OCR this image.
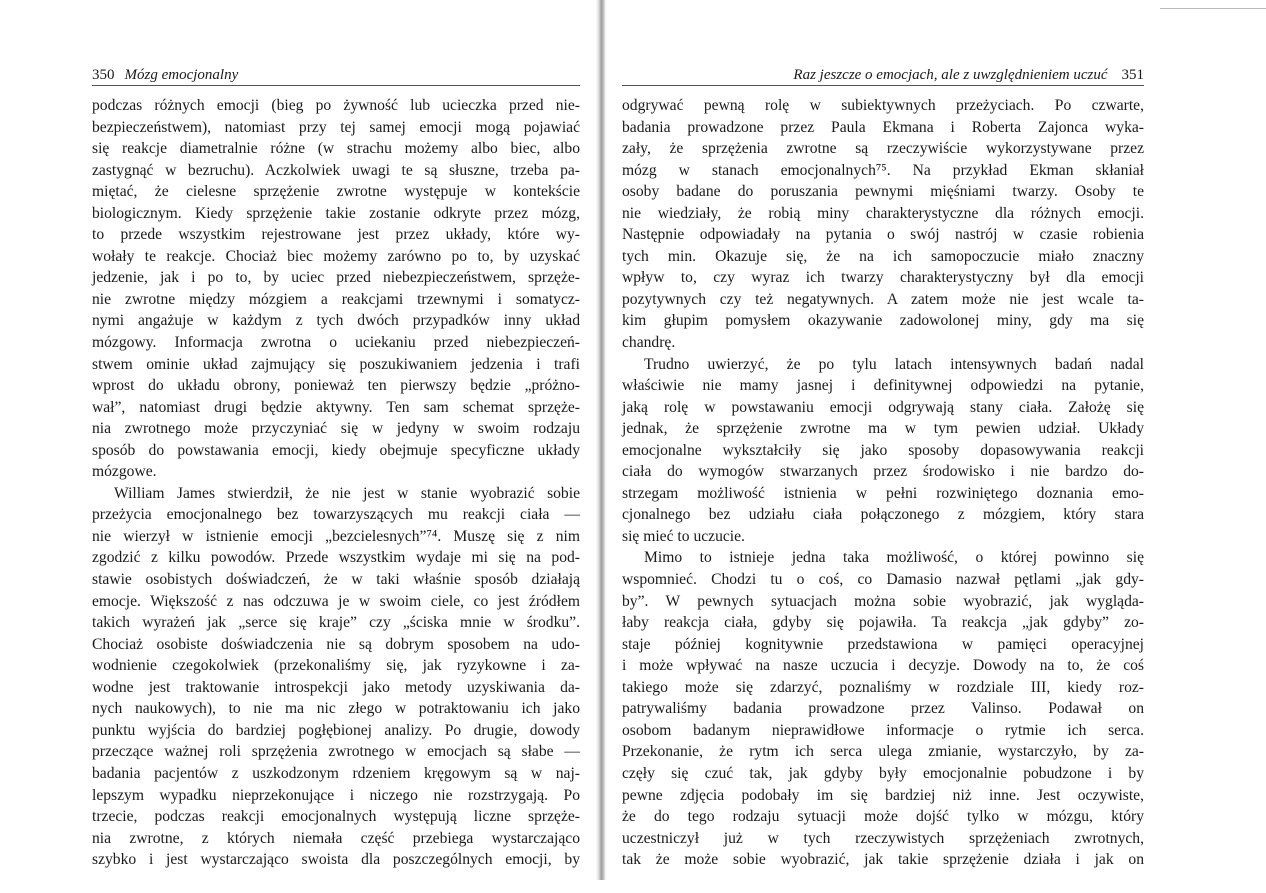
350 Mózg emocjonalny
podczas różnych emocji (bieg po żywność lub ucieczka przed nie-
bezpieczeństwem), natomiast przy tej samej emocji mogą pojawiać
się reakcje diametralnie różne (w strachu możemy albo biec, albo
zastygnąć w bezruchu). Aczkolwiek uwagi te są słuszne, trzeba pa-
miętać, że cielesne sprzężenie zwrotne występuje w kontekście
biologicznym. Kiedy sprzężenie takie zostanie odkryte przez mózg,
to przede wszystkim rejestrowane jest przez układy, które wy-
wołały te reakcje. Chociaż biec możemy zarówno po to, by uzyskać
jedzenie, jak i po to, by uciec przed niebezpieczeństwem, sprzęże-
nie zwrotne między mózgiem a reakcjami trzewnymi i somatycz-
nymi angażuje w każdym z tych dwóch przypadków inny układ
mózgowy. Informacja zwrotna o uciekaniu przed niebezpieczeń-
stwem ominie układ zajmujący się poszukiwaniem jedzenia i trafi
wprost do układu obrony, ponieważ ten pierwszy będzie „próżno-
wał”, natomiast drugi będzie aktywny. Ten sam schemat sprzęże-
nia zwrotnego może przyczyniać się w jedyny w swoim rodzaju
sposób do powstawania emocji, kiedy obejmuje specyficzne układy
mózgowe.
William James stwierdził, że nie jest w stanie wyobrazić sobie
przeżycia emocjonalnego bez towarzyszących mu reakcji ciała —
nie wierzył w istnienie emocji „bezcielesnych”⁷⁴. Muszę się z nim
zgodzić z kilku powodów. Przede wszystkim wydaje mi się na pod-
stawie osobistych doświadczeń, że w taki właśnie sposób działają
emocje. Większość z nas odczuwa je w swoim ciele, co jest źródłem
takich wyrażeń jak „serce się kraje” czy „ściska mnie w środku”.
Chociaż osobiste doświadczenia nie są dobrym sposobem na udo-
wodnienie czegokolwiek (przekonaliśmy się, jak ryzykowne i za-
wodne jest traktowanie introspekcji jako metody uzyskiwania da-
nych naukowych), to nie ma nic złego w potraktowaniu ich jako
punktu wyjścia do bardziej pogłębionej analizy. Po drugie, dowody
przeczące ważnej roli sprzężenia zwrotnego w emocjach są słabe —
badania pacjentów z uszkodzonym rdzeniem kręgowym są w naj-
lepszym wypadku nieprzekonujące i niczego nie rozstrzygają. Po
trzecie, podczas reakcji emocjonalnych występują liczne sprzęże-
nia zwrotne, z których niemała część przebiega wystarczająco
szybko i jest wystarczająco swoista dla poszczególnych emocji, by
Raz jeszcze o emocjach, ale z uwzględnieniem uczuć 351
odgrywać pewną rolę w subiektywnych przeżyciach. Po czwarte,
badania prowadzone przez Paula Ekmana i Roberta Zajonca wyka-
zały, że sprzężenia zwrotne są rzeczywiście wykorzystywane przez
mózg w stanach emocjonalnych⁷⁵. Na przykład Ekman skłaniał
osoby badane do poruszania pewnymi mięśniami twarzy. Osoby te
nie wiedziały, że robią miny charakterystyczne dla różnych emocji.
Następnie odpowiadały na pytania o swój nastrój w czasie robienia
tych min. Okazuje się, że na ich samopoczucie miało znaczny
wpływ to, czy wyraz ich twarzy charakterystyczny był dla emocji
pozytywnych czy też negatywnych. A zatem może nie jest wcale ta-
kim głupim pomysłem okazywanie zadowolonej miny, gdy ma się
chandrę.
Trudno uwierzyć, że po tylu latach intensywnych badań nadal
właściwie nie mamy jasnej i definitywnej odpowiedzi na pytanie,
jaką rolę w powstawaniu emocji odgrywają stany ciała. Założę się
jednak, że sprzężenie zwrotne ma w tym pewien udział. Układy
emocjonalne wykształciły się jako sposoby dopasowywania reakcji
ciała do wymogów stwarzanych przez środowisko i nie bardzo do-
strzegam możliwość istnienia w pełni rozwiniętego doznania emo-
cjonalnego bez udziału ciała połączonego z mózgiem, który stara
się mieć to uczucie.
Mimo to istnieje jedna taka możliwość, o której powinno się
wspomnieć. Chodzi tu o coś, co Damasio nazwał pętlami „jak gdy-
by”. W pewnych sytuacjach można sobie wyobrazić, jak wyglądа-
łaby reakcja ciała, gdyby się pojawiła. Ta reakcja „jak gdyby” zo-
staje później kognitywnie przedstawiona w pamięci operacyjnej
i może wpływać na nasze uczucia i decyzje. Dowody na to, że coś
takiego może się zdarzyć, poznaliśmy w rozdziale III, kiedy roz-
patrywaliśmy badania prowadzone przez Valinso. Podawał on
osobom badanym nieprawidłowe informacje o rytmie ich serca.
Przekonanie, że rytm ich serca ulega zmianie, wystarczyło, by za-
częły się czuć tak, jak gdyby były emocjonalnie pobudzone i by
pewne zdjęcia podobały im się bardziej niż inne. Jest oczywiste,
że do tego rodzaju sytuacji może dojść tylko w mózgu, który
uczestniczył już w tych rzeczywistych sprzężeniach zwrotnych,
tak że może sobie wyobrazić, jak takie sprzężenie działa i jak on
